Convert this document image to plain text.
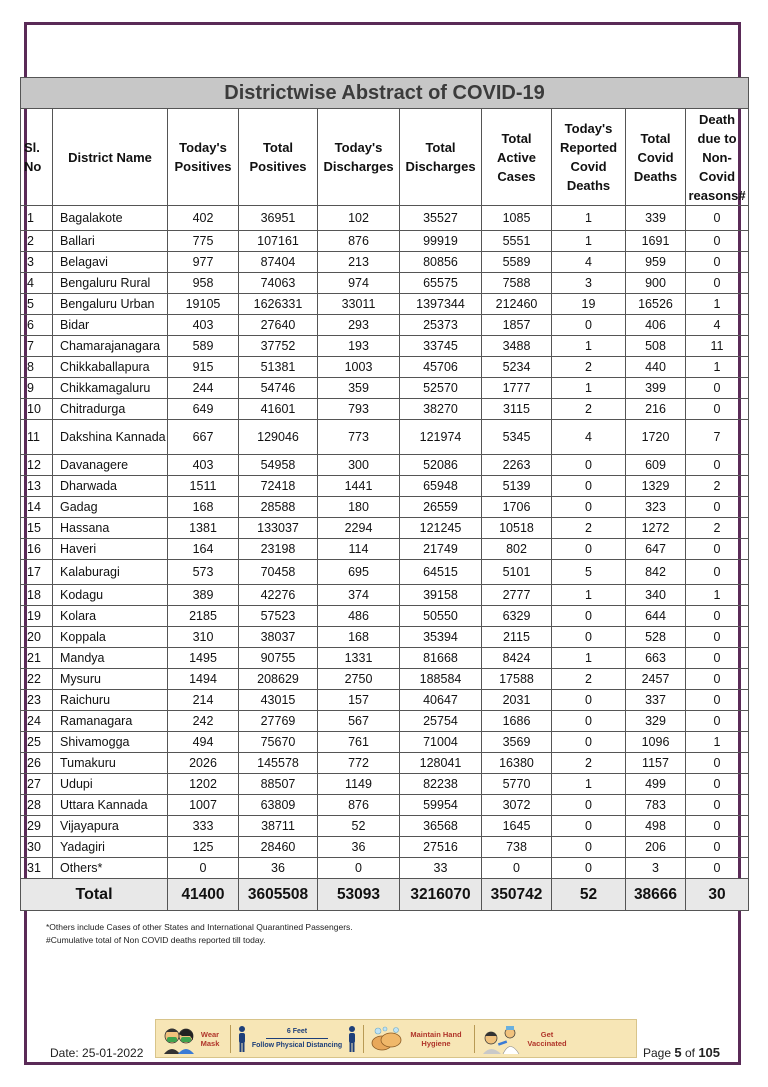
Districtwise Abstract of COVID-19									
Sl. No	District Name	Today's Positives	Total Positives	Today's Discharges	Total Discharges	Total Active Cases	Today's Reported Covid Deaths	Total Covid Deaths	Death due to Non-Covid reasons#
1	Bagalakote	402	36951	102	35527	1085	1	339	0
2	Ballari	775	107161	876	99919	5551	1	1691	0
3	Belagavi	977	87404	213	80856	5589	4	959	0
4	Bengaluru Rural	958	74063	974	65575	7588	3	900	0
5	Bengaluru Urban	19105	1626331	33011	1397344	212460	19	16526	1
6	Bidar	403	27640	293	25373	1857	0	406	4
7	Chamarajanagara	589	37752	193	33745	3488	1	508	11
8	Chikkaballapura	915	51381	1003	45706	5234	2	440	1
9	Chikkamagaluru	244	54746	359	52570	1777	1	399	0
10	Chitradurga	649	41601	793	38270	3115	2	216	0
11	Dakshina Kannada	667	129046	773	121974	5345	4	1720	7
12	Davanagere	403	54958	300	52086	2263	0	609	0
13	Dharwada	1511	72418	1441	65948	5139	0	1329	2
14	Gadag	168	28588	180	26559	1706	0	323	0
15	Hassana	1381	133037	2294	121245	10518	2	1272	2
16	Haveri	164	23198	114	21749	802	0	647	0
17	Kalaburagi	573	70458	695	64515	5101	5	842	0
18	Kodagu	389	42276	374	39158	2777	1	340	1
19	Kolara	2185	57523	486	50550	6329	0	644	0
20	Koppala	310	38037	168	35394	2115	0	528	0
21	Mandya	1495	90755	1331	81668	8424	1	663	0
22	Mysuru	1494	208629	2750	188584	17588	2	2457	0
23	Raichuru	214	43015	157	40647	2031	0	337	0
24	Ramanagara	242	27769	567	25754	1686	0	329	0
25	Shivamogga	494	75670	761	71004	3569	0	1096	1
26	Tumakuru	2026	145578	772	128041	16380	2	1157	0
27	Udupi	1202	88507	1149	82238	5770	1	499	0
28	Uttara Kannada	1007	63809	876	59954	3072	0	783	0
29	Vijayapura	333	38711	52	36568	1645	0	498	0
30	Yadagiri	125	28460	36	27516	738	0	206	0
31	Others*	0	36	0	33	0	0	3	0
Total		41400	3605508	53093	3216070	350742	52	38666	30
*Others include Cases of other States and International Quarantined Passengers.
#Cumulative total of Non COVID deaths reported till today.
Wear Mask
6 Feet
Follow Physical Distancing
Maintain Hand Hygiene
Get Vaccinated
Date: 25-01-2022	Page 5 of 105
